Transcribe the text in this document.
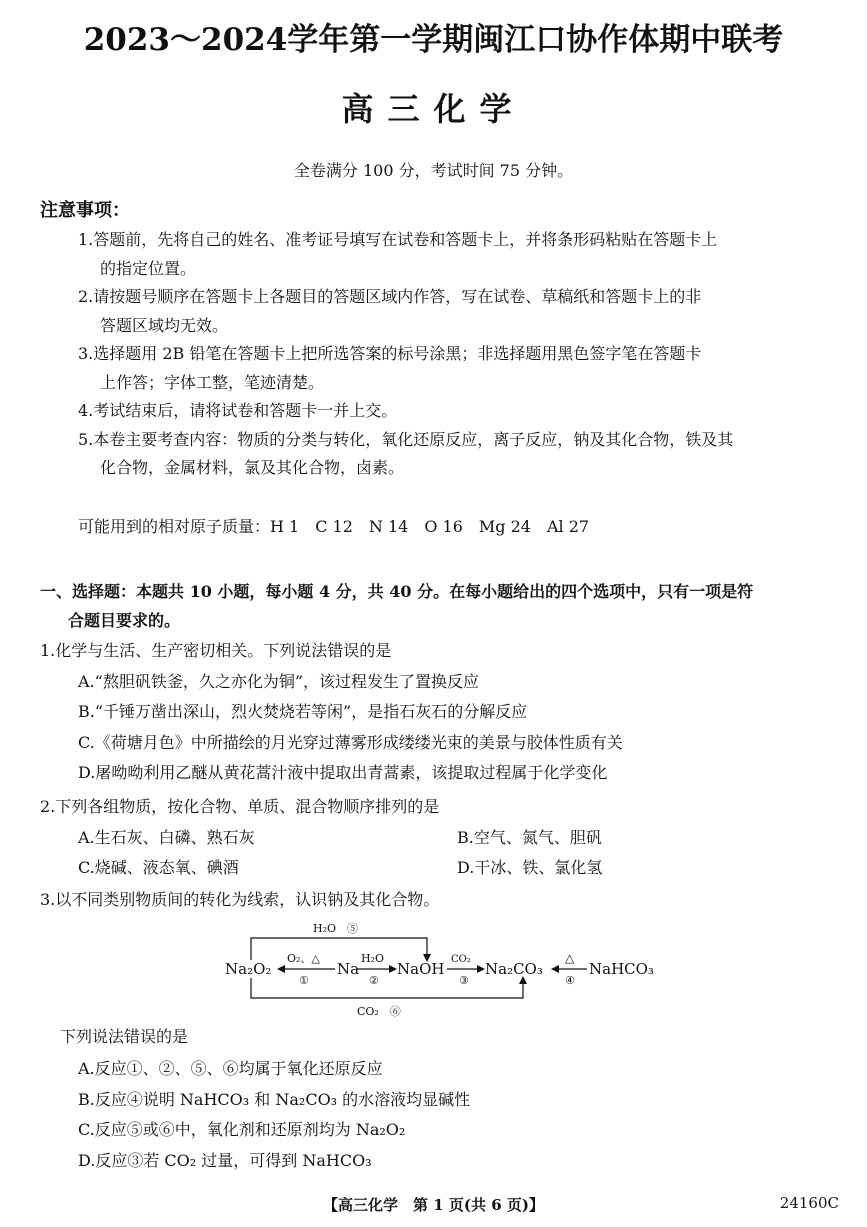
2023～2024学年第一学期闽江口协作体期中联考
高三化学
全卷满分 100 分，考试时间 75 分钟。
注意事项：
1.答题前，先将自己的姓名、准考证号填写在试卷和答题卡上，并将条形码粘贴在答题卡上
的指定位置。
2.请按题号顺序在答题卡上各题目的答题区域内作答，写在试卷、草稿纸和答题卡上的非
答题区域均无效。
3.选择题用 2B 铅笔在答题卡上把所选答案的标号涂黑；非选择题用黑色签字笔在答题卡
上作答；字体工整，笔迹清楚。
4.考试结束后，请将试卷和答题卡一并上交。
5.本卷主要考查内容：物质的分类与转化，氧化还原反应，离子反应，钠及其化合物，铁及其
化合物，金属材料，氯及其化合物，卤素。
可能用到的相对原子质量：H 1　C 12　N 14　O 16　Mg 24　Al 27
一、选择题：本题共 10 小题，每小题 4 分，共 40 分。在每小题给出的四个选项中，只有一项是符
合题目要求的。
1.化学与生活、生产密切相关。下列说法错误的是
A.“熬胆矾铁釜，久之亦化为铜”，该过程发生了置换反应
B.“千锤万凿出深山，烈火焚烧若等闲”，是指石灰石的分解反应
C.《荷塘月色》中所描绘的月光穿过薄雾形成缕缕光束的美景与胶体性质有关
D.屠呦呦利用乙醚从黄花蒿汁液中提取出青蒿素，该提取过程属于化学变化
2.下列各组物质，按化合物、单质、混合物顺序排列的是
A.生石灰、白磷、熟石灰	B.空气、氮气、胆矾
C.烧碱、液态氧、碘酒	D.干冰、铁、氯化氢
3.以不同类别物质间的转化为线索，认识钠及其化合物。
H₂O　⑤
CO₂　⑥
Na₂O₂	Na	NaOH	Na₂CO₃	NaHCO₃
O₂、△
①
H₂O
②
CO₂
③
△
④
下列说法错误的是
A.反应①、②、⑤、⑥均属于氧化还原反应
B.反应④说明 NaHCO₃ 和 Na₂CO₃ 的水溶液均显碱性
C.反应⑤或⑥中，氧化剂和还原剂均为 Na₂O₂
D.反应③若 CO₂ 过量，可得到 NaHCO₃
【高三化学　第 1 页(共 6 页)】	24160C
